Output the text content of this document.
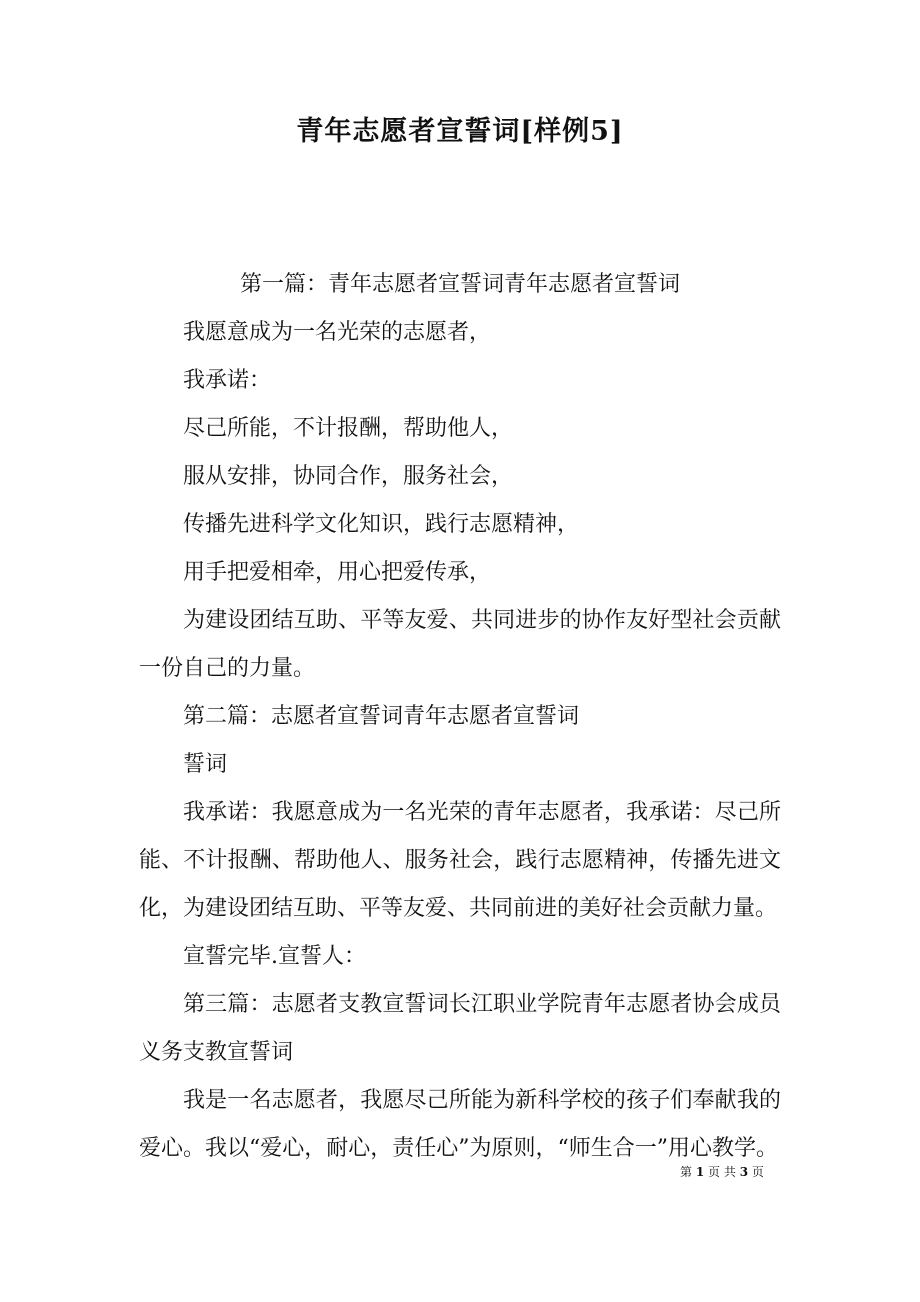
青年志愿者宣誓词[样例5]

第一篇：青年志愿者宣誓词青年志愿者宣誓词

我愿意成为一名光荣的志愿者，

我承诺：

尽己所能，不计报酬，帮助他人，

服从安排，协同合作，服务社会，

传播先进科学文化知识，践行志愿精神，

用手把爱相牵，用心把爱传承，

为建设团结互助、平等友爱、共同进步的协作友好型社会贡献一份自己的力量。

第二篇：志愿者宣誓词青年志愿者宣誓词

誓词

我承诺：我愿意成为一名光荣的青年志愿者，我承诺：尽己所能、不计报酬、帮助他人、服务社会，践行志愿精神，传播先进文化，为建设团结互助、平等友爱、共同前进的美好社会贡献力量。

宣誓完毕.宣誓人：

第三篇：志愿者支教宣誓词长江职业学院青年志愿者协会成员义务支教宣誓词

我是一名志愿者，我愿尽己所能为新科学校的孩子们奉献我的爱心。我以“爱心，耐心，责任心”为原则，“师生合一”用心教学。

第 1 页 共 3 页
